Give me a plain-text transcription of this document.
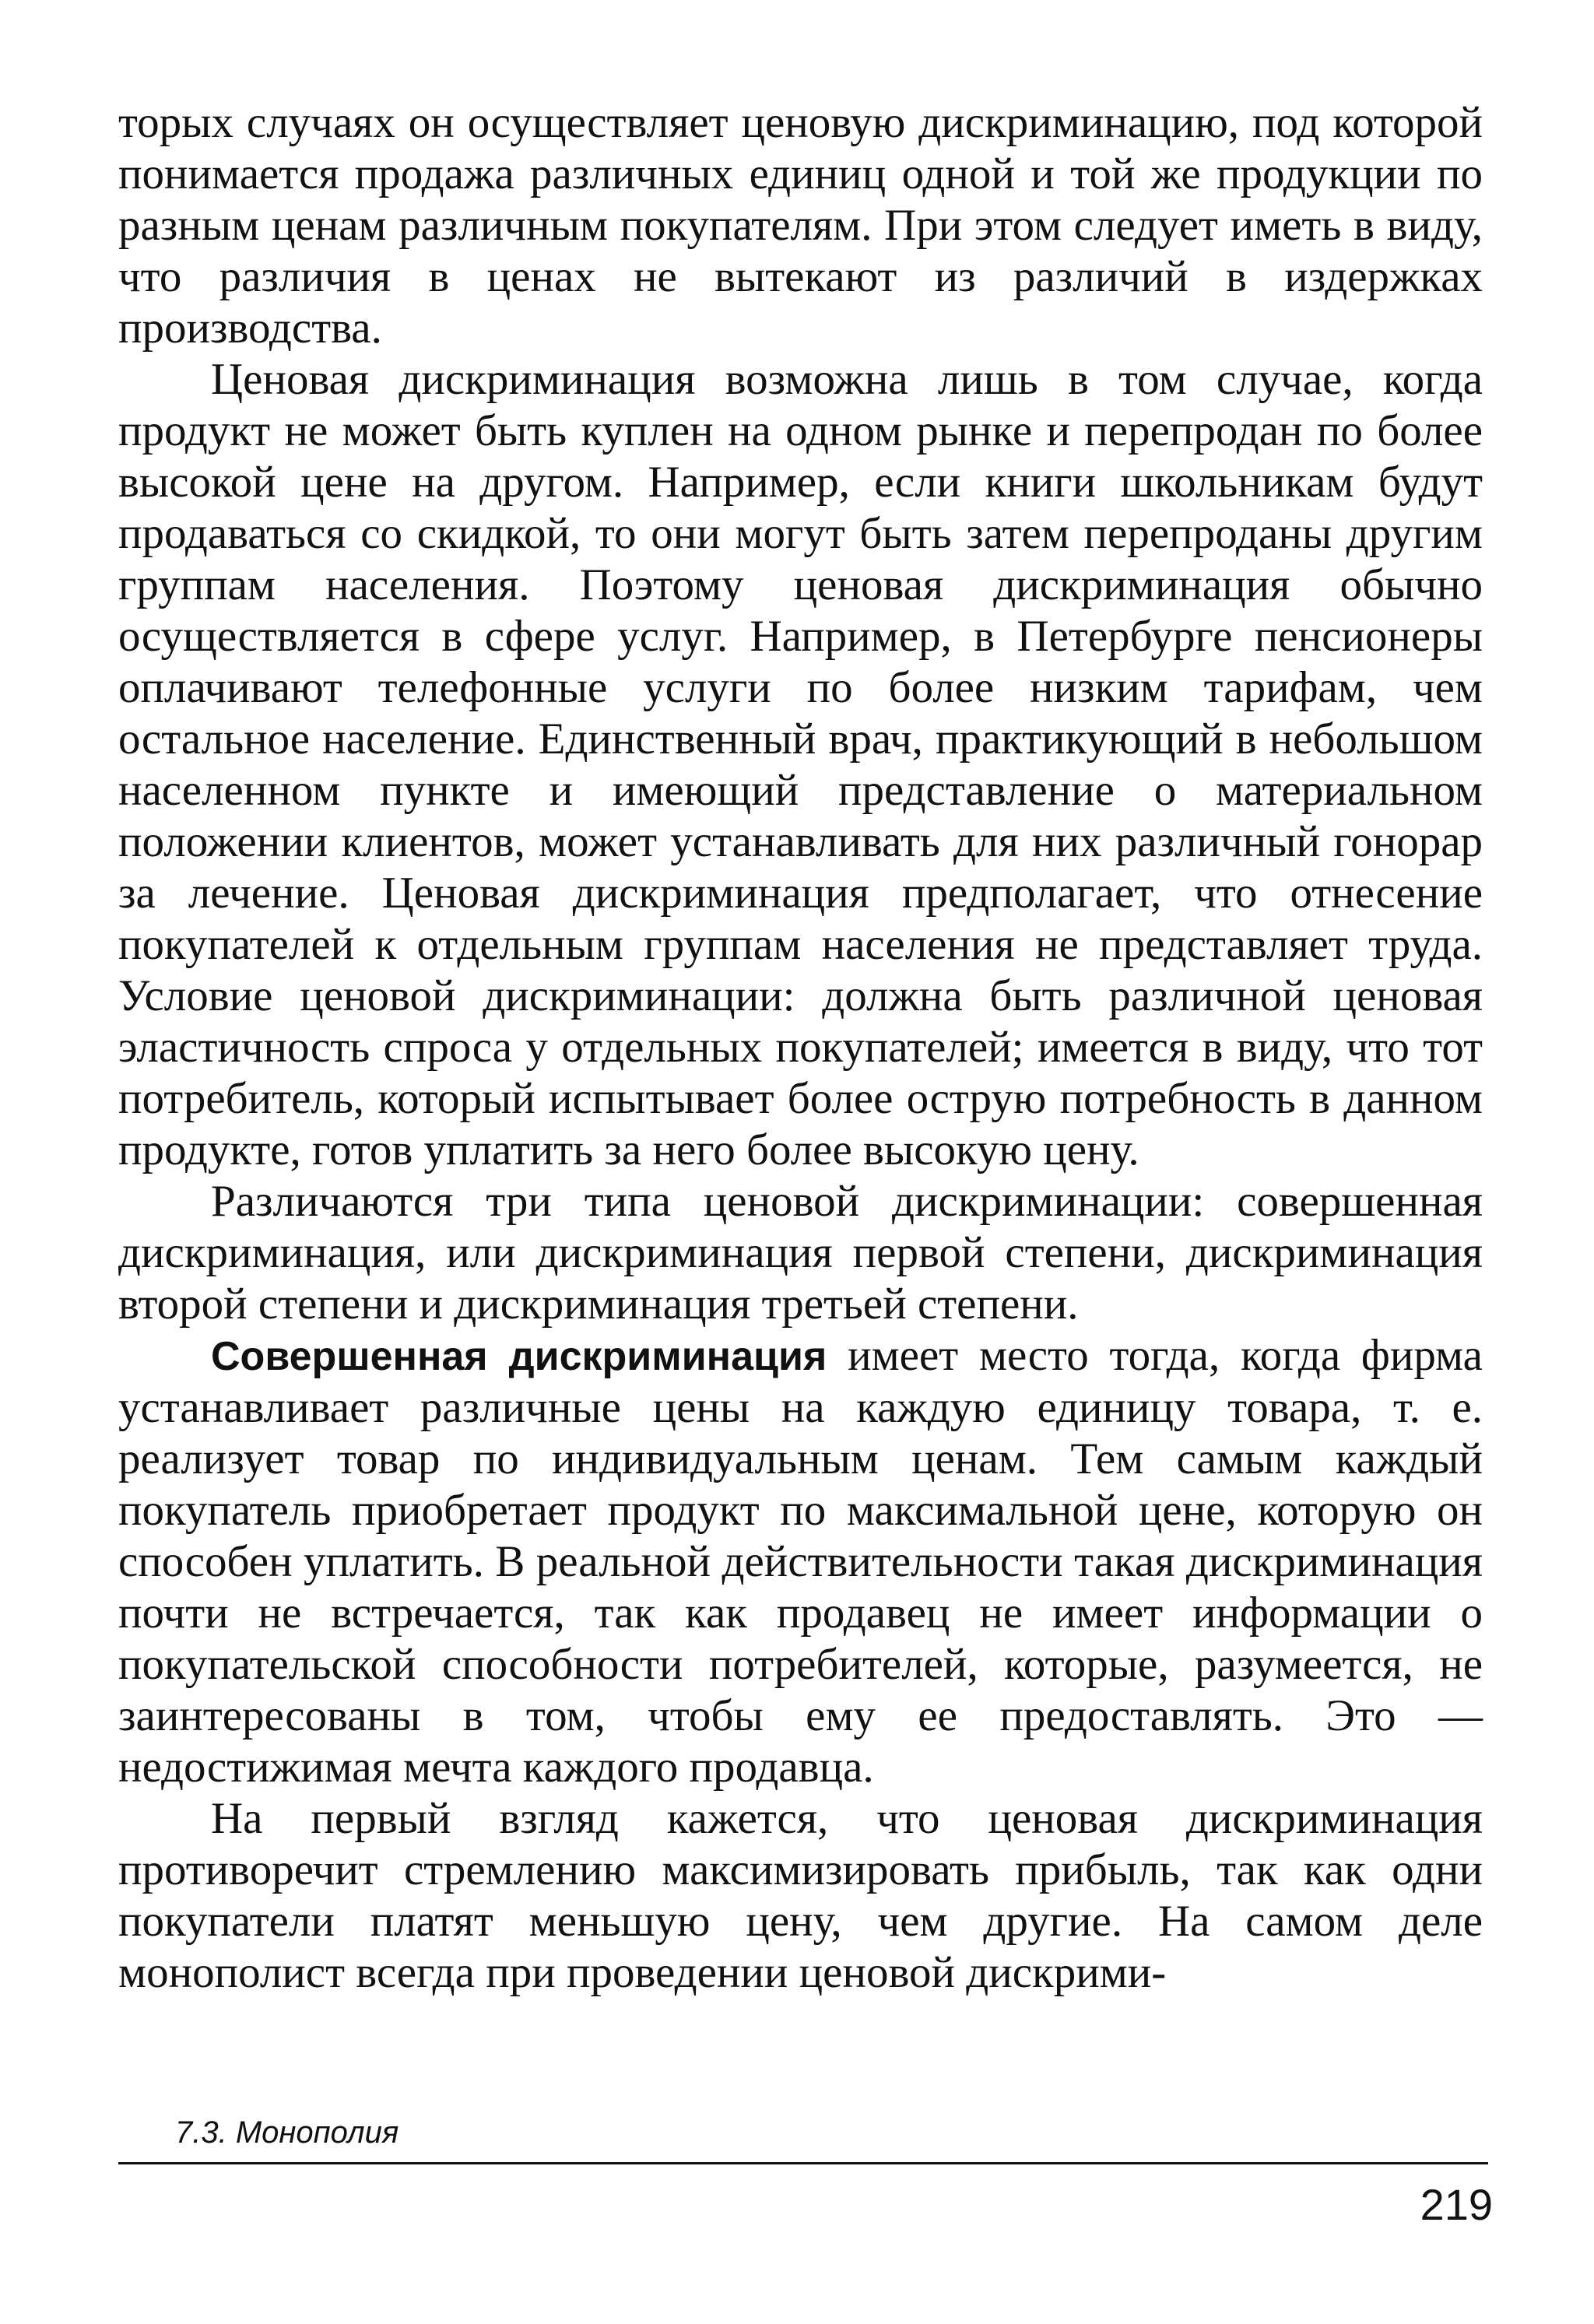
торых случаях он осуществляет ценовую дискриминацию, под которой понимается продажа различных единиц одной и той же продукции по разным ценам различным покупателям. При этом следует иметь в виду, что различия в ценах не вытекают из различий в издержках производства.

Ценовая дискриминация возможна лишь в том случае, когда продукт не может быть куплен на одном рынке и перепродан по более высокой цене на другом. Например, если книги школьникам будут продаваться со скидкой, то они могут быть затем перепроданы другим группам населения. Поэтому ценовая дискриминация обычно осуществляется в сфере услуг. Например, в Петербурге пенсионеры оплачивают телефонные услуги по более низким тарифам, чем остальное население. Единственный врач, практикующий в небольшом населенном пункте и имеющий представление о материальном положении клиентов, может устанавливать для них различный гонорар за лечение. Ценовая дискриминация предполагает, что отнесение покупателей к отдельным группам населения не представляет труда. Условие ценовой дискриминации: должна быть различной ценовая эластичность спроса у отдельных покупателей; имеется в виду, что тот потребитель, который испытывает более острую потребность в данном продукте, готов уплатить за него более высокую цену.

Различаются три типа ценовой дискриминации: совершенная дискриминация, или дискриминация первой степени, дискриминация второй степени и дискриминация третьей степени.

Совершенная дискриминация имеет место тогда, когда фирма устанавливает различные цены на каждую единицу товара, т. е. реализует товар по индивидуальным ценам. Тем самым каждый покупатель приобретает продукт по максимальной цене, которую он способен уплатить. В реальной действительности такая дискриминация почти не встречается, так как продавец не имеет информации о покупательской способности потребителей, которые, разумеется, не заинтересованы в том, чтобы ему ее предоставлять. Это — недостижимая мечта каждого продавца.

На первый взгляд кажется, что ценовая дискриминация противоречит стремлению максимизировать прибыль, так как одни покупатели платят меньшую цену, чем другие. На самом деле монополист всегда при проведении ценовой дискрими-

7.3. Монополия
219
